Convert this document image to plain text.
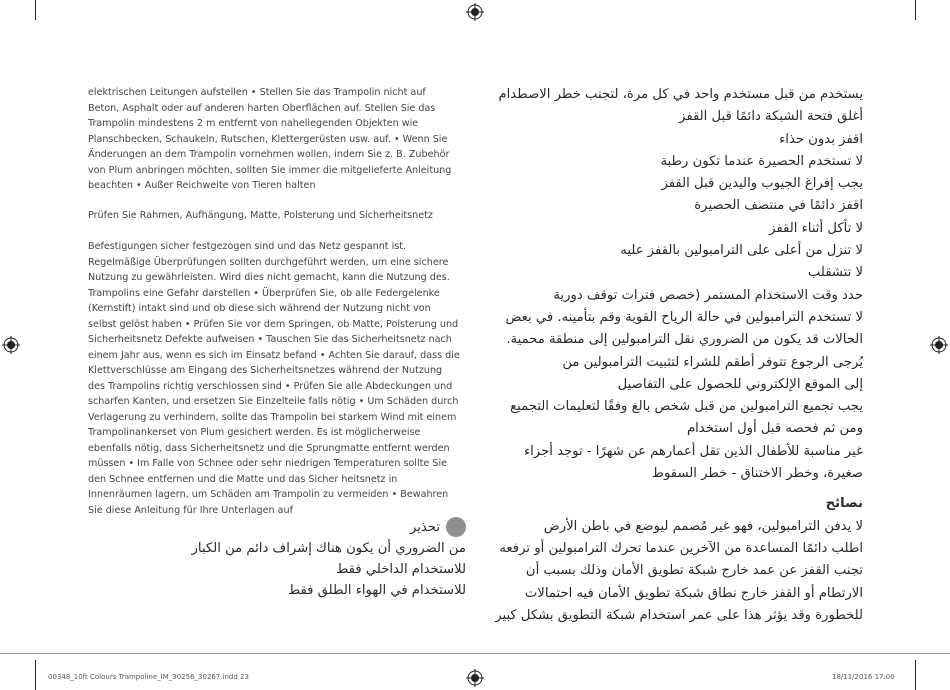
elektrischen Leitungen aufstellen • Stellen Sie das Trampolin nicht auf Beton, Asphalt oder auf anderen harten Oberflächen auf. Stellen Sie das Trampolin mindestens 2 m entfernt von naheliegenden Objekten wie Planschbecken, Schaukeln, Rutschen, Klettergerüsten usw. auf. • Wenn Sie Änderungen an dem Trampolin vornehmen wollen, indem Sie z. B. Zubehör von Plum anbringen möchten, sollten Sie immer die mitgelieferte Anleitung beachten • Außer Reichweite von Tieren halten

Prüfen Sie Rahmen, Aufhängung, Matte, Polsterung und Sicherheitsnetz

Befestigungen sicher festgezogen sind und das Netz gespannt ist. Regelmäßige Überprüfungen sollten durchgeführt werden, um eine sichere Nutzung zu gewährleisten. Wird dies nicht gemacht, kann die Nutzung des. Trampolins eine Gefahr darstellen • Überprüfen Sie, ob alle Federgelenke (Kernstift) intakt sind und ob diese sich während der Nutzung nicht von selbst gelöst haben • Prüfen Sie vor dem Springen, ob Matte, Polsterung und Sicherheitsnetz Defekte aufweisen • Tauschen Sie das Sicherheitsnetz nach einem Jahr aus, wenn es sich im Einsatz befand • Achten Sie darauf, dass die Klettverschlüsse am Eingang des Sicherheitsnetzes während der Nutzung des Trampolins richtig verschlossen sind • Prüfen Sie alle Abdeckungen und scharfen Kanten, und ersetzen Sie Einzelteile falls nötig • Um Schäden durch Verlagerung zu verhindern, sollte das Trampolin bei starkem Wind mit einem Trampolinankerset von Plum gesichert werden. Es ist möglicherweise ebenfalls nötig, dass Sicherheitsnetz und die Sprungmatte entfernt werden müssen • Im Falle von Schnee oder sehr niedrigen Temperaturen sollte Sie den Schnee entfernen und die Matte und das Sicher heitsnetz in Innenräumen lagern, um Schäden am Trampolin zu vermeiden • Bewahren Sie diese Anleitung für Ihre Unterlagen auf

يستخدم من قبل مستخدم واحد في كل مرة، لتجنب خطر الاصطدام
أغلق فتحة الشبكة دائمًا قبل القفز
اقفز بدون حذاء
لا تستخدم الحصيرة عندما تكون رطبة
يجب إفراغ الجيوب واليدين قبل القفز
اقفز دائمًا في منتصف الحصيرة
لا تأكل أثناء القفز
لا تنزل من أعلى على الترامبولين بالقفز عليه
لا تتشقلب
حدد وقت الاستخدام المستمر (خصص فترات توقف دورية
لا تستخدم الترامبولين في حالة الرياح القوية وقم بتأمينه. في بعض
الحالات قد يكون من الضروري نقل الترامبولين إلى منطقة محمية.
يُرجى الرجوع تتوفر أطقم للشراء لتثبيت الترامبولين من
إلى الموقع الإلكتروني للحصول على التفاصيل
يجب تجميع الترامبولين من قبل شخص بالغ وفقًا لتعليمات التجميع
ومن ثم فحصه قبل أول استخدام
غير مناسبة للأطفال الذين تقل أعمارهم عن شهرًا - توجد أجزاء
صغيرة، وخطر الاختناق - خطر السقوط
نصائح
لا يدفن الترامبولين، فهو غير مُصمم ليوضع في باطن الأرض
اطلب دائمًا المساعدة من الآخرين عندما تحرك الترامبولين أو ترفعه
تجنب القفز عن عمد خارج شبكة تطويق الأمان وذلك بسبب أن
الارتطام أو القفز خارج نطاق شبكة تطويق الأمان فيه احتمالات
للخطورة وقد يؤثر هذا على عمر استخدام شبكة التطويق بشكل كبير
تحذير
من الضروري أن يكون هناك إشراف دائم من الكبار
للاستخدام الداخلي فقط
للاستخدام في الهواء الطلق فقط
00348_10ft Colours Trampoline_IM_30256_30267.indd 23	18/11/2016 17:00
